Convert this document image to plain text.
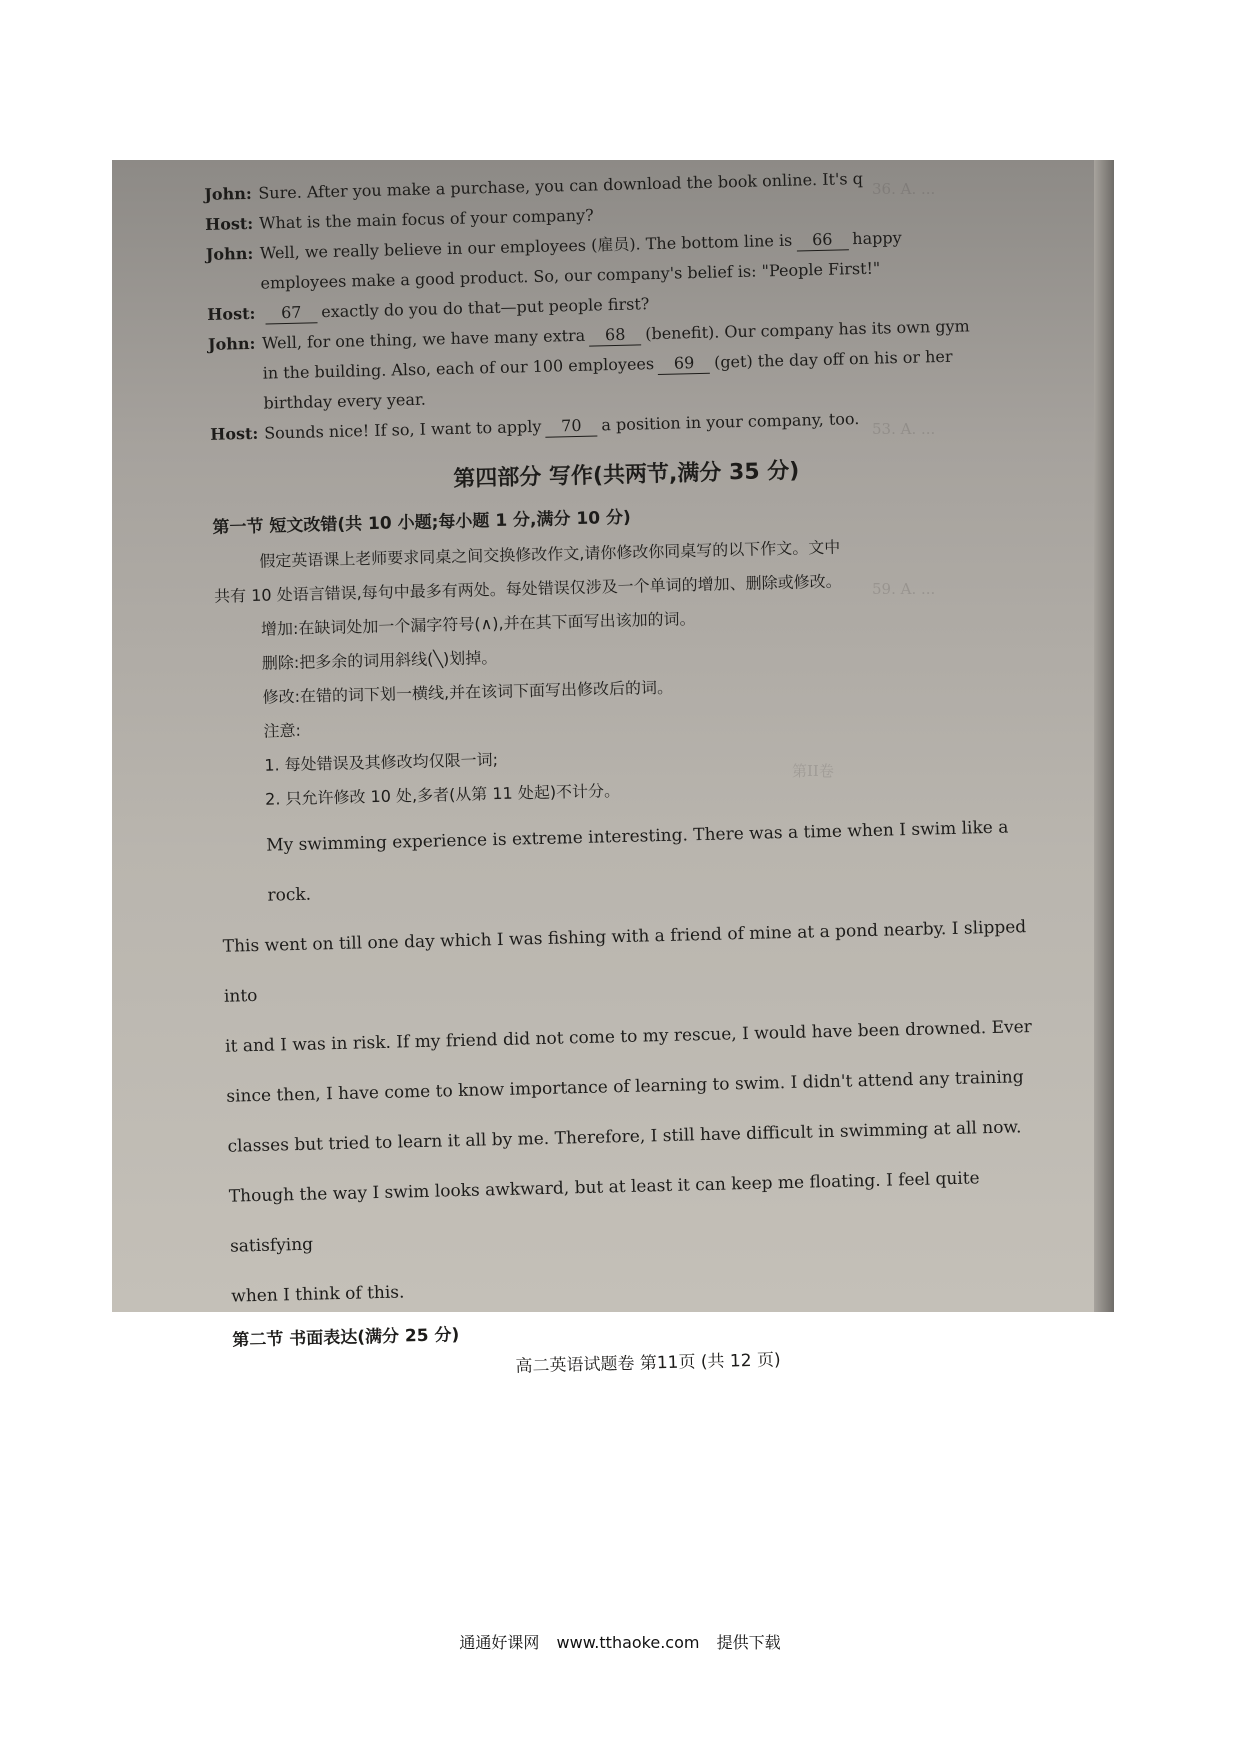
36. A. ...
53. A. ...
59. A. ...
第II卷
John: Sure. After you make a purchase, you can download the book online. It's q
Host: What is the main focus of your company?
John: Well, we really believe in our employees (雇员). The bottom line is 66 happy
employees make a good product. So, our company's belief is: "People First!"
Host: 67 exactly do you do that—put people first?
John: Well, for one thing, we have many extra 68 (benefit). Our company has its own gym
in the building. Also, each of our 100 employees 69 (get) the day off on his or her
birthday every year.
Host: Sounds nice! If so, I want to apply 70 a position in your company, too.
第四部分 写作(共两节,满分 35 分)
第一节 短文改错(共 10 小题;每小题 1 分,满分 10 分)
假定英语课上老师要求同桌之间交换修改作文,请你修改你同桌写的以下作文。文中
共有 10 处语言错误,每句中最多有两处。每处错误仅涉及一个单词的增加、删除或修改。
增加:在缺词处加一个漏字符号(∧),并在其下面写出该加的词。
删除:把多余的词用斜线(╲)划掉。
修改:在错的词下划一横线,并在该词下面写出修改后的词。
注意:
1. 每处错误及其修改均仅限一词;
2. 只允许修改 10 处,多者(从第 11 处起)不计分。
My swimming experience is extreme interesting. There was a time when I swim like a rock.
This went on till one day which I was fishing with a friend of mine at a pond nearby. I slipped into
it and I was in risk. If my friend did not come to my rescue, I would have been drowned. Ever
since then, I have come to know importance of learning to swim. I didn't attend any training
classes but tried to learn it all by me. Therefore, I still have difficult in swimming at all now.
Though the way I swim looks awkward, but at least it can keep me floating. I feel quite satisfying
when I think of this.
第二节 书面表达(满分 25 分)
高二英语试题卷 第11页 (共 12 页)
通通好课网 www.tthaoke.com 提供下载
